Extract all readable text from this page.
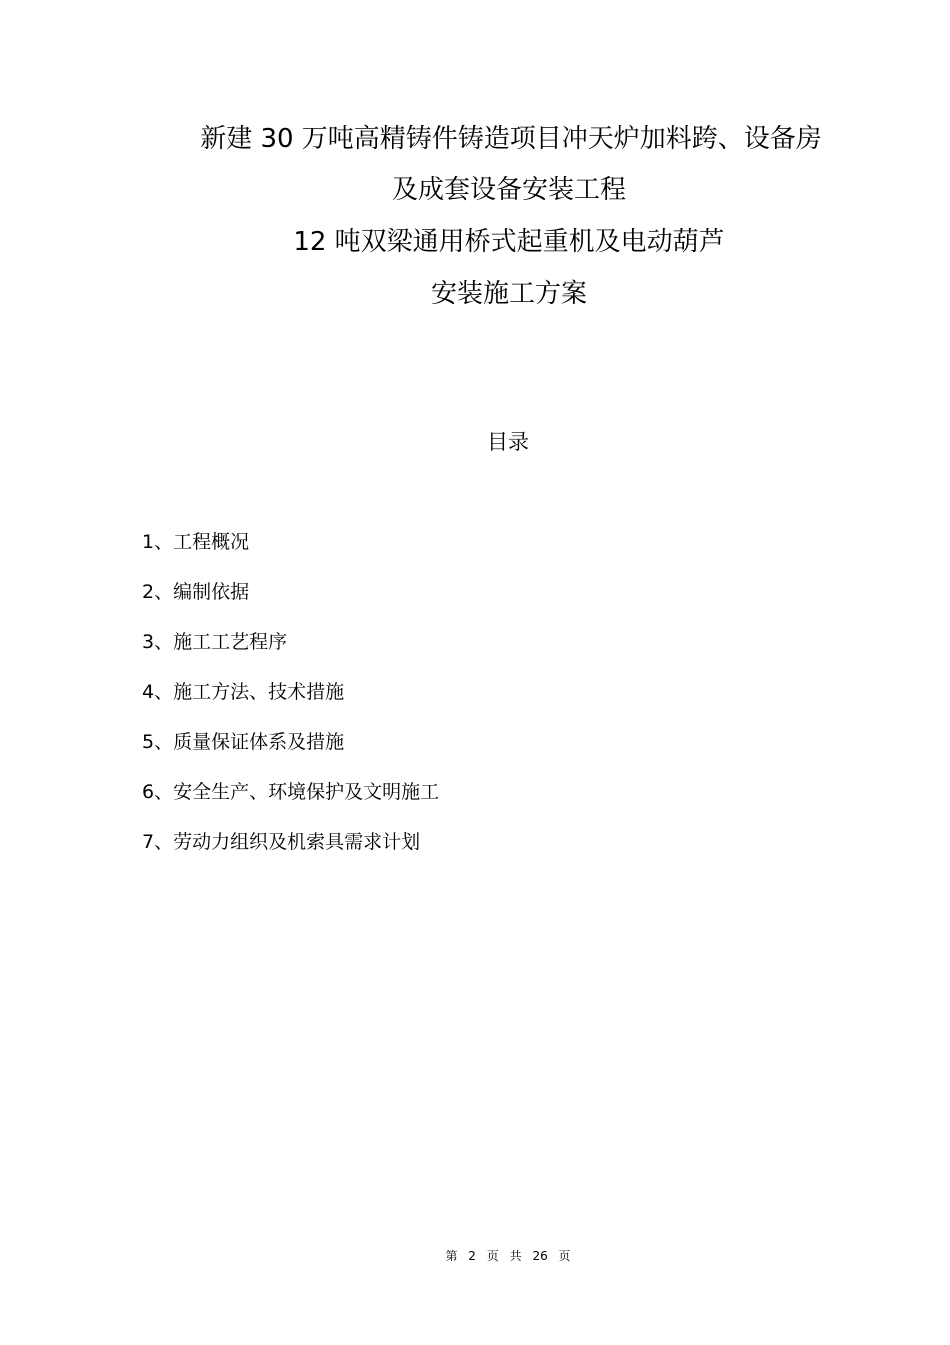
新建 30 万吨高精铸件铸造项目冲天炉加料跨、设备房
及成套设备安装工程
12 吨双梁通用桥式起重机及电动葫芦
安装施工方案
目录
1、工程概况
2、编制依据
3、施工工艺程序
4、施工方法、技术措施
5、质量保证体系及措施
6、安全生产、环境保护及文明施工
7、劳动力组织及机索具需求计划
第 2 页 共 26 页
